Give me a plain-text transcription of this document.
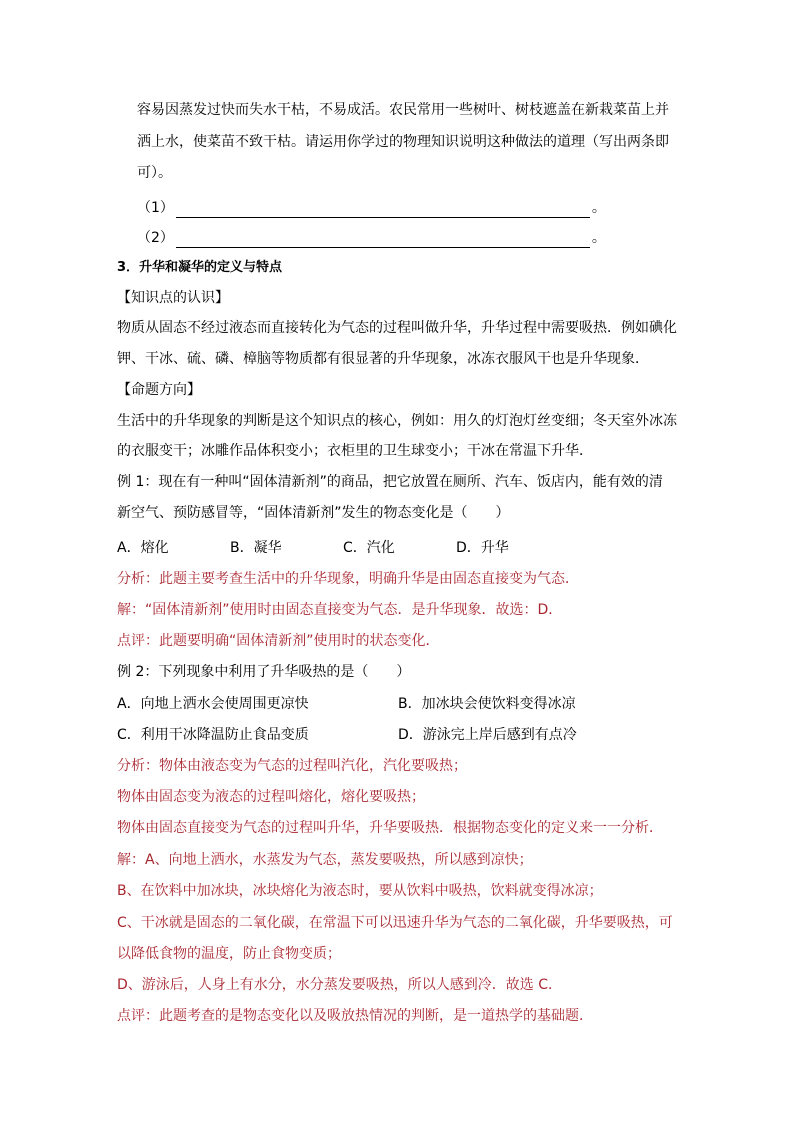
容易因蒸发过快而失水干枯，不易成活。农民常用一些树叶、树枝遮盖在新栽菜苗上并
洒上水，使菜苗不致干枯。请运用你学过的物理知识说明这种做法的道理（写出两条即
可）。
（1）	。
（2）	。
3．升华和凝华的定义与特点
【知识点的认识】
物质从固态不经过液态而直接转化为气态的过程叫做升华，升华过程中需要吸热．例如碘化
钾、干冰、硫、磷、樟脑等物质都有很显著的升华现象，冰冻衣服风干也是升华现象．
【命题方向】
生活中的升华现象的判断是这个知识点的核心，例如：用久的灯泡灯丝变细；冬天室外冰冻
的衣服变干；冰雕作品体积变小；衣柜里的卫生球变小；干冰在常温下升华．
例 1：现在有一种叫“固体清新剂”的商品，把它放置在厕所、汽车、饭店内，能有效的清
新空气、预防感冒等，“固体清新剂”发生的物态变化是（　　）
A．熔化	B．凝华	C．汽化	D．升华
分析：此题主要考查生活中的升华现象，明确升华是由固态直接变为气态．
解：“固体清新剂”使用时由固态直接变为气态．是升华现象．故选：D．
点评：此题要明确“固体清新剂”使用时的状态变化．
例 2：下列现象中利用了升华吸热的是（　　）
A．向地上洒水会使周围更凉快	B．加冰块会使饮料变得冰凉
C．利用干冰降温防止食品变质	D．游泳完上岸后感到有点冷
分析：物体由液态变为气态的过程叫汽化，汽化要吸热；
物体由固态变为液态的过程叫熔化，熔化要吸热；
物体由固态直接变为气态的过程叫升华，升华要吸热．根据物态变化的定义来一一分析．
解：A、向地上洒水，水蒸发为气态，蒸发要吸热，所以感到凉快；
B、在饮料中加冰块，冰块熔化为液态时，要从饮料中吸热，饮料就变得冰凉；
C、干冰就是固态的二氧化碳，在常温下可以迅速升华为气态的二氧化碳，升华要吸热，可
以降低食物的温度，防止食物变质；
D、游泳后，人身上有水分，水分蒸发要吸热，所以人感到冷．故选 C．
点评：此题考查的是物态变化以及吸放热情况的判断，是一道热学的基础题．
